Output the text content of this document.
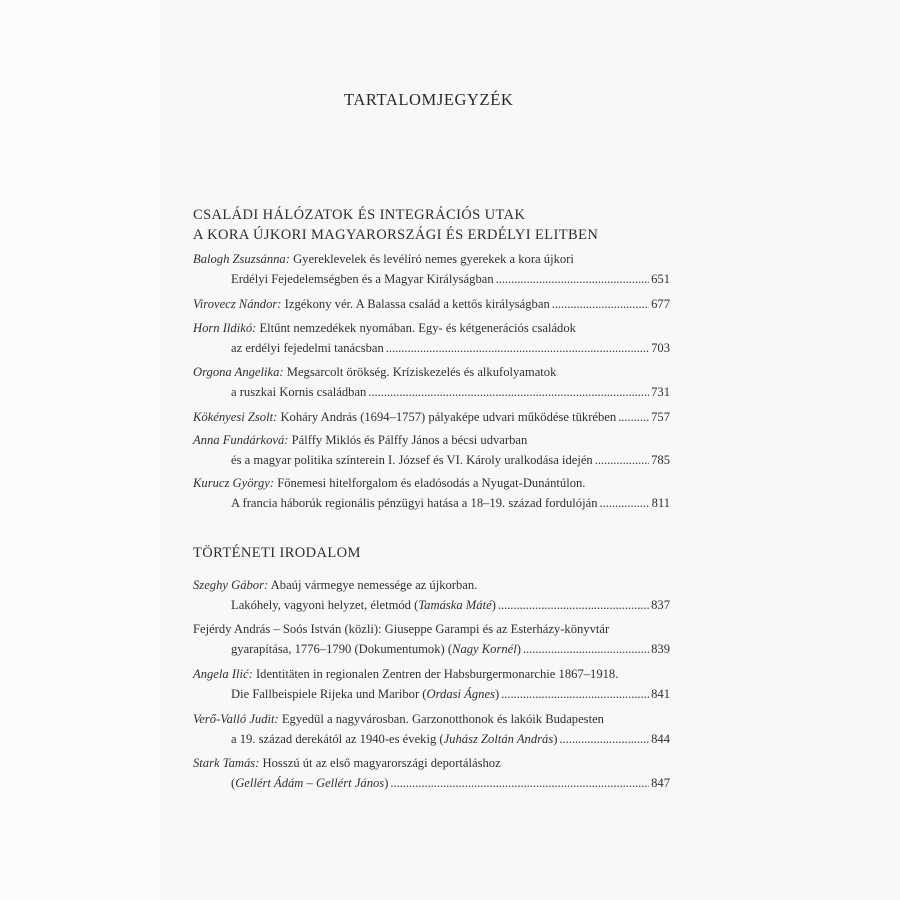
TARTALOMJEGYZÉK
CSALÁDI HÁLÓZATOK ÉS INTEGRÁCIÓS UTAK
A KORA ÚJKORI MAGYARORSZÁGI ÉS ERDÉLYI ELITBEN
Balogh Zsuzsánna: Gyereklevelek és levélíró nemes gyerekek a kora újkori
Erdélyi Fejedelemségben és a Magyar Királyságban . . .	651
Virovecz Nándor: Izgékony vér. A Balassa család a kettős királyságban . . .	677
Horn Ildikó: Eltűnt nemzedékek nyomában. Egy- és kétgenerációs családok
az erdélyi fejedelmi tanácsban . . .	703
Orgona Angelika: Megsarcolt örökség. Kríziskezelés és alkufolyamatok
a ruszkai Kornis családban . . .	731
Kökényesi Zsolt: Koháry András (1694–1757) pályaképe udvari működése tükrében . . .	757
Anna Fundárková: Pálffy Miklós és Pálffy János a bécsi udvarban
és a magyar politika színterein I. József és VI. Károly uralkodása idején . . .	785
Kurucz György: Főnemesi hitelforgalom és eladósodás a Nyugat-Dunántúlon.
A francia háborúk regionális pénzügyi hatása a 18–19. század fordulóján . . .	811
TÖRTÉNETI IRODALOM
Szeghy Gábor: Abaúj vármegye nemessége az újkorban.
Lakóhely, vagyoni helyzet, életmód (Tamáska Máté) . . .	837
Fejérdy András – Soós István (közli): Giuseppe Garampi és az Esterházy-könyvtár
gyarapítása, 1776–1790 (Dokumentumok) (Nagy Kornél) . . .	839
Angela Ilić: Identitäten in regionalen Zentren der Habsburgermonarchie 1867–1918.
Die Fallbeispiele Rijeka und Maribor (Ordasi Ágnes) . . .	841
Verő-Valló Judit: Egyedül a nagyvárosban. Garzonotthonok és lakóik Budapesten
a 19. század derekától az 1940-es évekig (Juhász Zoltán András) . . .	844
Stark Tamás: Hosszú út az első magyarországi deportáláshoz
(Gellért Ádám – Gellért János) . . .	847
